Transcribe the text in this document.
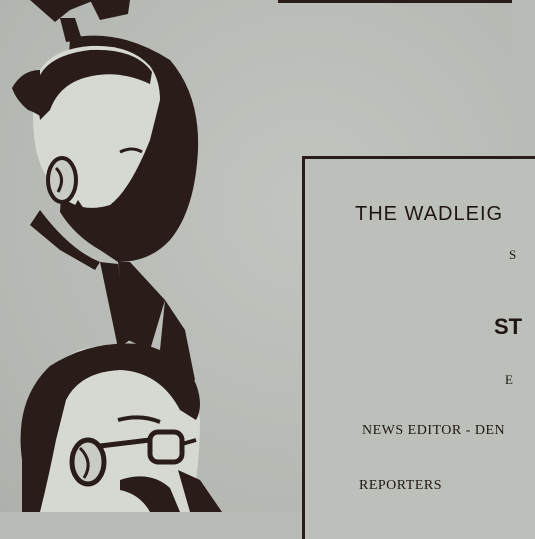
THE WADLEIG
S
ST
E
NEWS EDITOR - DEN
REPORTERS
